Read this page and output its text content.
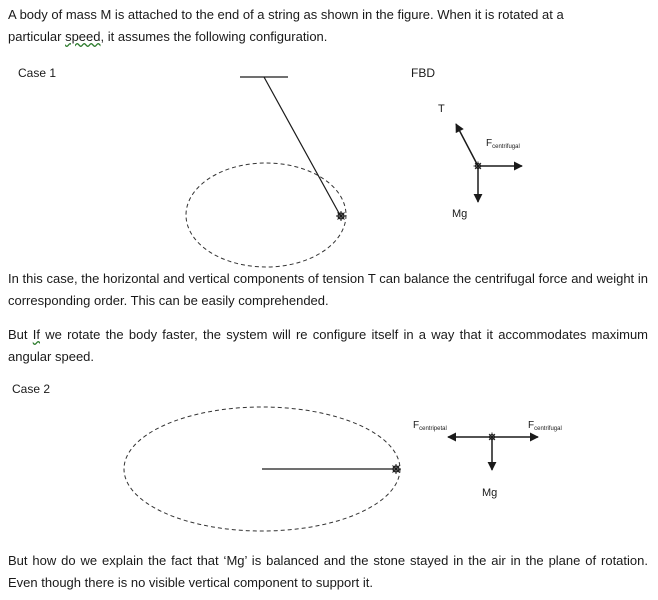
A body of mass M is attached to the end of a string as shown in the figure. When it is rotated at a
particular speed, it assumes the following configuration.
Case 1	FBD
T
$F_{centrifugal}$
Mg
$F_{centripetal}$	$F_{centrifugal}$
Mg
In this case, the horizontal and vertical components of tension T can balance the centrifugal force and weight in corresponding order. This can be easily comprehended.
But If we rotate the body faster, the system will re configure itself in a way that it accommodates maximum angular speed.
Case 2
But how do we explain the fact that ‘Mg’ is balanced and the stone stayed in the air in the plane of rotation. Even though there is no visible vertical component to support it.
